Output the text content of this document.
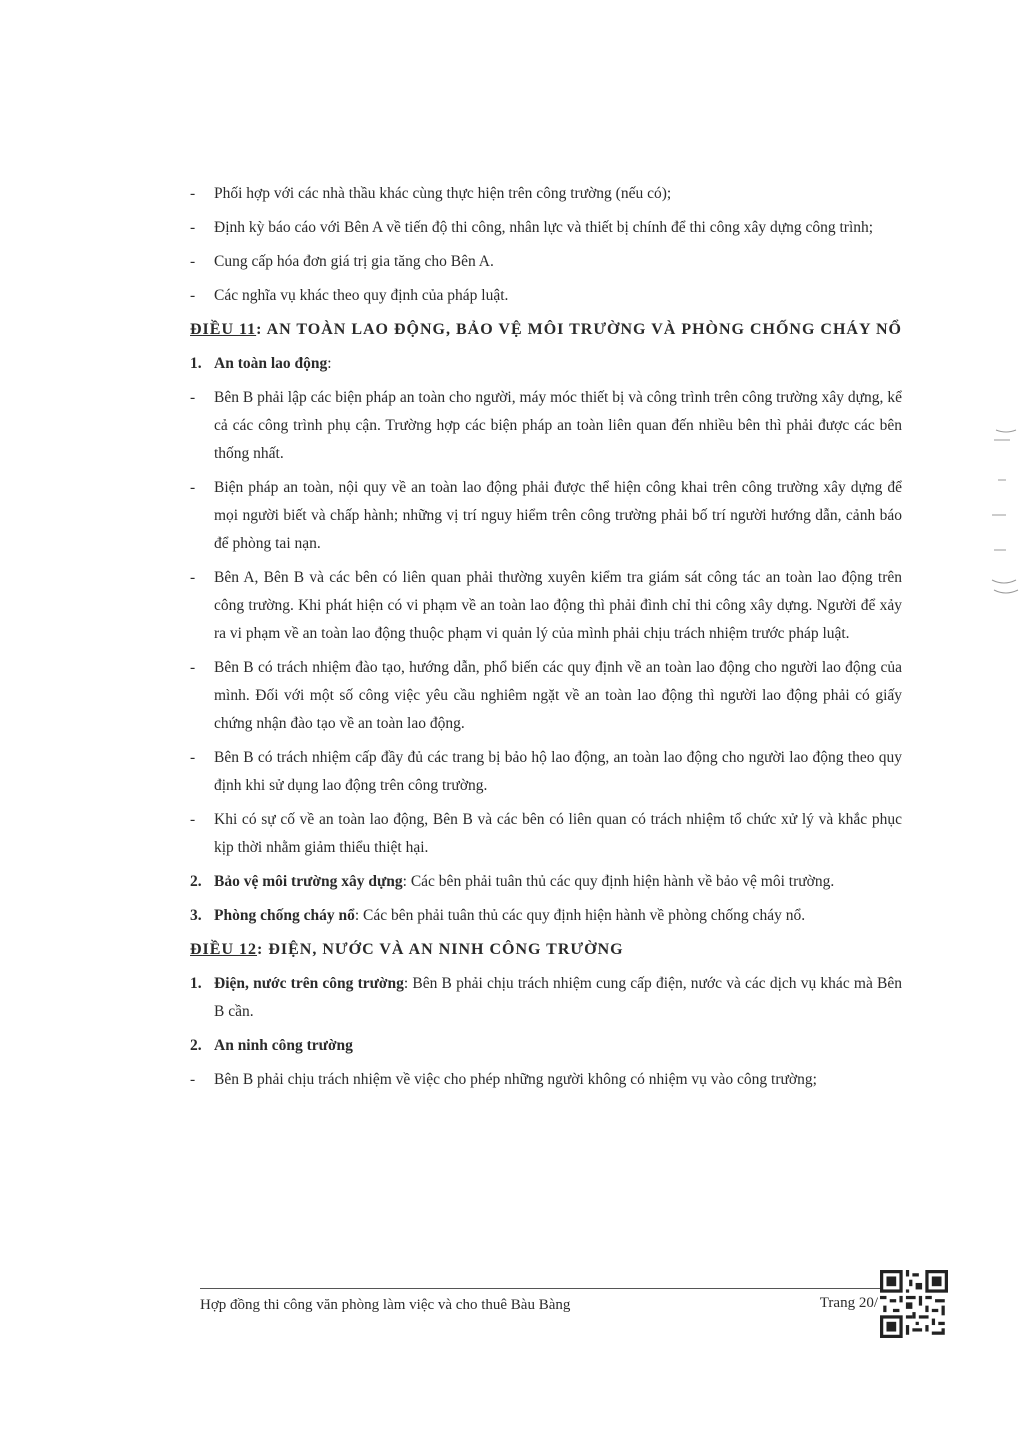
-	Phối hợp với các nhà thầu khác cùng thực hiện trên công trường (nếu có);
-	Định kỳ báo cáo với Bên A về tiến độ thi công, nhân lực và thiết bị chính để thi công xây dựng công trình;
-	Cung cấp hóa đơn giá trị gia tăng cho Bên A.
-	Các nghĩa vụ khác theo quy định của pháp luật.
ĐIỀU 11: AN TOÀN LAO ĐỘNG, BẢO VỆ MÔI TRƯỜNG VÀ PHÒNG CHỐNG CHÁY NỔ
1. An toàn lao động:
-	Bên B phải lập các biện pháp an toàn cho người, máy móc thiết bị và công trình trên công trường xây dựng, kể cả các công trình phụ cận. Trường hợp các biện pháp an toàn liên quan đến nhiều bên thì phải được các bên thống nhất.
-	Biện pháp an toàn, nội quy về an toàn lao động phải được thể hiện công khai trên công trường xây dựng để mọi người biết và chấp hành; những vị trí nguy hiểm trên công trường phải bố trí người hướng dẫn, cảnh báo để phòng tai nạn.
-	Bên A, Bên B và các bên có liên quan phải thường xuyên kiểm tra giám sát công tác an toàn lao động trên công trường. Khi phát hiện có vi phạm về an toàn lao động thì phải đình chỉ thi công xây dựng. Người để xảy ra vi phạm về an toàn lao động thuộc phạm vi quản lý của mình phải chịu trách nhiệm trước pháp luật.
-	Bên B có trách nhiệm đào tạo, hướng dẫn, phổ biến các quy định về an toàn lao động cho người lao động của mình. Đối với một số công việc yêu cầu nghiêm ngặt về an toàn lao động thì người lao động phải có giấy chứng nhận đào tạo về an toàn lao động.
-	Bên B có trách nhiệm cấp đầy đủ các trang bị bảo hộ lao động, an toàn lao động cho người lao động theo quy định khi sử dụng lao động trên công trường.
-	Khi có sự cố về an toàn lao động, Bên B và các bên có liên quan có trách nhiệm tổ chức xử lý và khắc phục kịp thời nhằm giảm thiểu thiệt hại.
2. Bảo vệ môi trường xây dựng: Các bên phải tuân thủ các quy định hiện hành về bảo vệ môi trường.
3. Phòng chống cháy nổ: Các bên phải tuân thủ các quy định hiện hành về phòng chống cháy nổ.
ĐIỀU 12: ĐIỆN, NƯỚC VÀ AN NINH CÔNG TRƯỜNG
1. Điện, nước trên công trường: Bên B phải chịu trách nhiệm cung cấp điện, nước và các dịch vụ khác mà Bên B cần.
2. An ninh công trường
-	Bên B phải chịu trách nhiệm về việc cho phép những người không có nhiệm vụ vào công trường;
Hợp đồng thi công văn phòng làm việc và cho thuê Bàu Bàng	Trang 20/
